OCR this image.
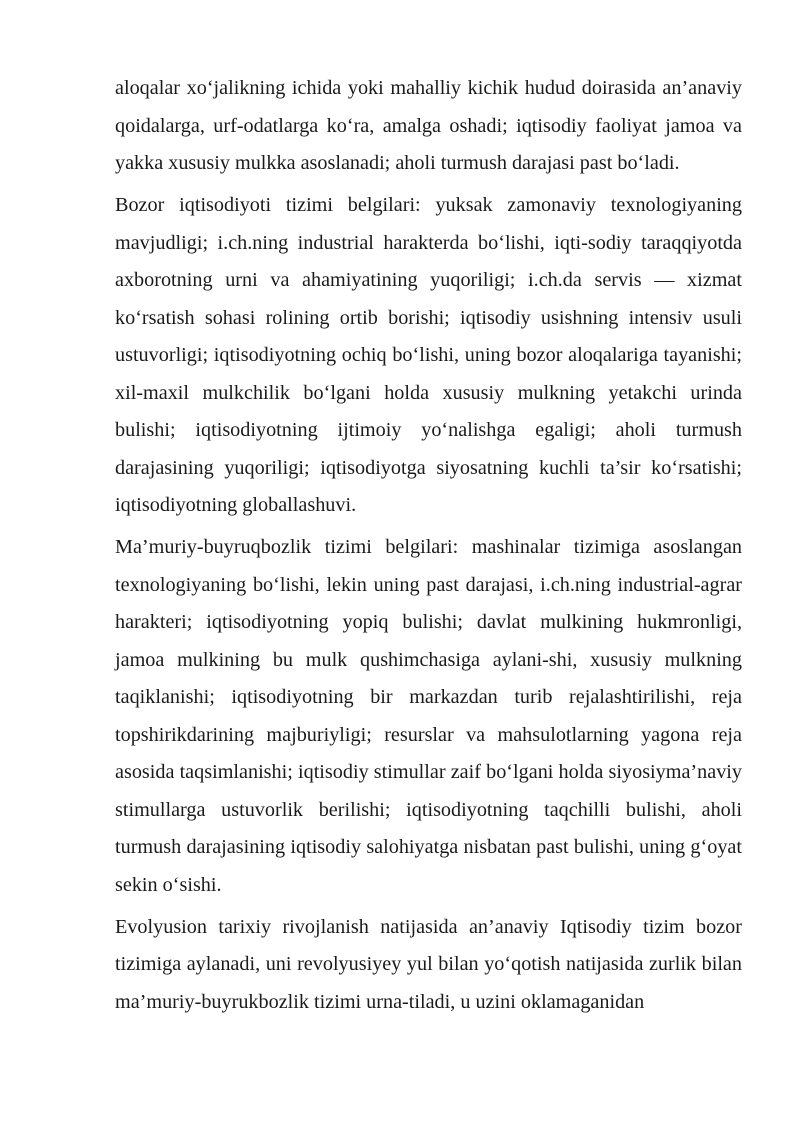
aloqalar xo‘jalikning ichida yoki mahalliy kichik hudud doirasida an’anaviy qoidalarga, urf-odatlarga ko‘ra, amalga oshadi; iqtisodiy faoliyat jamoa va yakka xususiy mulkka asoslanadi; aholi turmush darajasi past bo‘ladi.

Bozor iqtisodiyoti tizimi belgilari: yuksak zamonaviy texnologiyaning mavjudligi; i.ch.ning industrial harakterda bo‘lishi, iqti-sodiy taraqqiyotda axborotning urni va ahamiyatining yuqoriligi; i.ch.da servis — xizmat ko‘rsatish sohasi rolining ortib borishi; iqtisodiy usishning intensiv usuli ustuvorligi; iqtisodiyotning ochiq bo‘lishi, uning bozor aloqalariga tayanishi; xil-maxil mulkchilik bo‘lgani holda xususiy mulkning yetakchi urinda bulishi; iqtisodiyotning ijtimoiy yo‘nalishga egaligi; aholi turmush darajasining yuqoriligi; iqtisodiyotga siyosatning kuchli ta’sir ko‘rsatishi; iqtisodiyotning globallashuvi.

Ma’muriy-buyruqbozlik tizimi belgilari: mashinalar tizimiga asoslangan texnologiyaning bo‘lishi, lekin uning past darajasi, i.ch.ning industrial-agrar harakteri; iqtisodiyotning yopiq bulishi; davlat mulkining hukmronligi, jamoa mulkining bu mulk qushimchasiga aylani-shi, xususiy mulkning taqiklanishi; iqtisodiyotning bir markazdan turib rejalashtirilishi, reja topshirikdarining majburiyligi; resurslar va mahsulotlarning yagona reja asosida taqsimlanishi; iqtisodiy stimullar zaif bo‘lgani holda siyosiyma’naviy stimullarga ustuvorlik berilishi; iqtisodiyotning taqchilli bulishi, aholi turmush darajasining iqtisodiy salohiyatga nisbatan past bulishi, uning g‘oyat sekin o‘sishi.

Evolyusion tarixiy rivojlanish natijasida an’anaviy Iqtisodiy tizim bozor tizimiga aylanadi, uni revolyusiyey yul bilan yo‘qotish natijasida zurlik bilan ma’muriy-buyrukbozlik tizimi urna-tiladi, u uzini oklamaganidan
